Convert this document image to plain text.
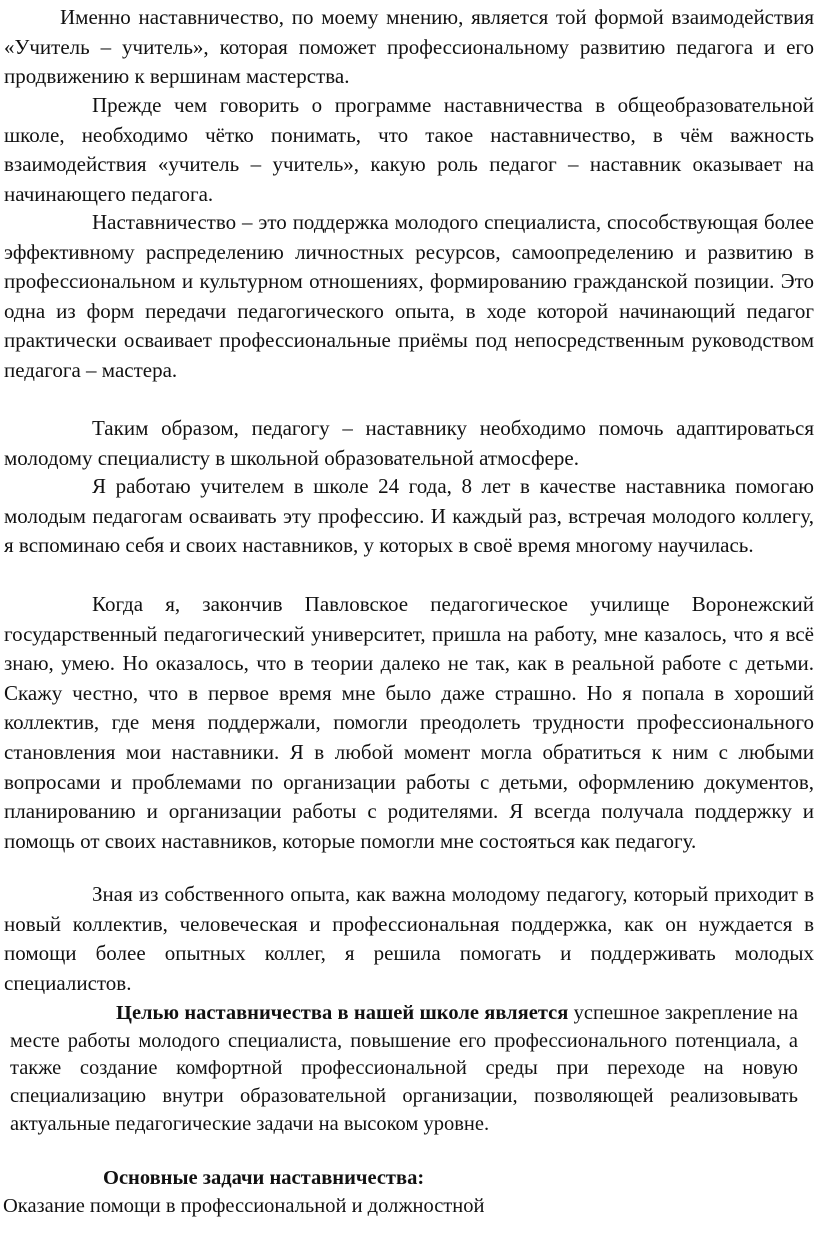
Именно наставничество, по моему мнению, является той формой взаимодействия «Учитель – учитель», которая поможет профессиональному развитию педагога и его продвижению к вершинам мастерства.

Прежде чем говорить о программе наставничества в общеобразовательной школе, необходимо чётко понимать, что такое наставничество, в чём важность взаимодействия «учитель – учитель», какую роль педагог – наставник оказывает на начинающего педагога.

Наставничество – это поддержка молодого специалиста, способствующая более эффективному распределению личностных ресурсов, самоопределению и развитию в профессиональном и культурном отношениях, формированию гражданской позиции. Это одна из форм передачи педагогического опыта, в ходе которой начинающий педагог практически осваивает профессиональные приёмы под непосредственным руководством педагога – мастера.

Таким образом, педагогу – наставнику необходимо помочь адаптироваться молодому специалисту в школьной образовательной атмосфере.

Я работаю учителем в школе 24 года, 8 лет в качестве наставника помогаю молодым педагогам осваивать эту профессию. И каждый раз, встречая молодого коллегу, я вспоминаю себя и своих наставников, у которых в своё время многому научилась.

Когда я, закончив Павловское педагогическое училище Воронежский государственный педагогический университет, пришла на работу, мне казалось, что я всё знаю, умею. Но оказалось, что в теории далеко не так, как в реальной работе с детьми. Скажу честно, что в первое время мне было даже страшно. Но я попала в хороший коллектив, где меня поддержали, помогли преодолеть трудности профессионального становления мои наставники. Я в любой момент могла обратиться к ним с любыми вопросами и проблемами по организации работы с детьми, оформлению документов, планированию и организации работы с родителями. Я всегда получала поддержку и помощь от своих наставников, которые помогли мне состояться как педагогу.

Зная из собственного опыта, как важна молодому педагогу, который приходит в новый коллектив, человеческая и профессиональная поддержка, как он нуждается в помощи более опытных коллег, я решила помогать и поддерживать молодых специалистов.

Целью наставничества в нашей школе является успешное закрепление на месте работы молодого специалиста, повышение его профессионального потенциала, а также создание комфортной профессиональной среды при переходе на новую специализацию внутри образовательной организации, позволяющей реализовывать актуальные педагогические задачи на высоком уровне.

Основные задачи наставничества:

Оказание помощи в профессиональной и должностной
